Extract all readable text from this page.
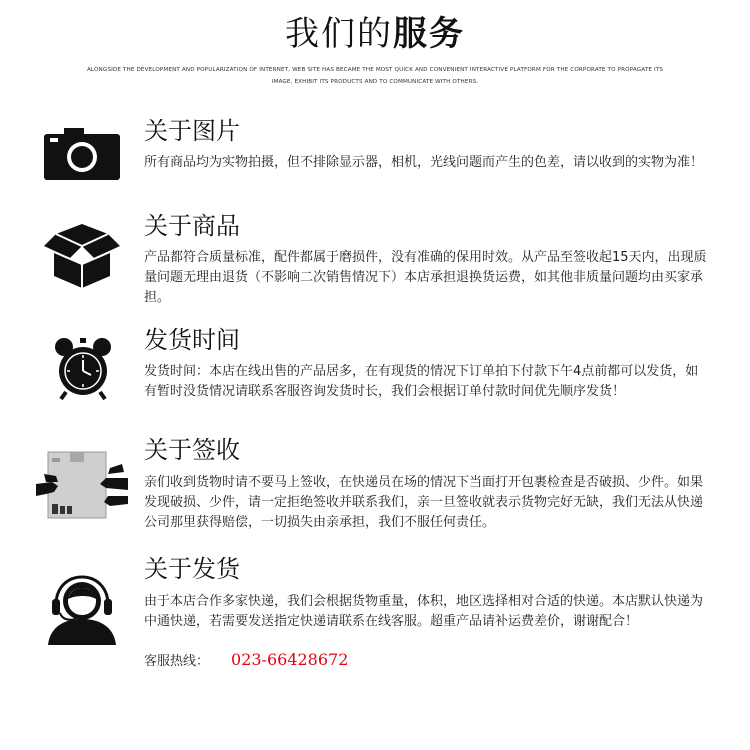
我们的服务
ALONGSIDE THE DEVELOPMENT AND POPULARIZATION OF INTERNET, WEB SITE HAS BECAME THE MOST QUICK AND CONVENIENT INTERACTIVE PLATFORM FOR THE CORPORATE TO PROPAGATE ITS
IMAGE, EXHIBIT ITS PRODUCTS AND TO COMMUNICATE WITH OTHERS.
关于图片
所有商品均为实物拍摄，但不排除显示器，相机，光线问题而产生的色差，请以收到的实物为准！
关于商品
产品都符合质量标准，配件都属于磨损件，没有准确的保用时效。从产品至签收起15天内，出现质量问题无理由退货（不影响二次销售情况下）本店承担退换货运费，如其他非质量问题均由买家承担。
发货时间
发货时间：本店在线出售的产品居多，在有现货的情况下订单拍下付款下午4点前都可以发货，如有暂时没货情况请联系客服咨询发货时长，我们会根据订单付款时间优先顺序发货！
关于签收
亲们收到货物时请不要马上签收，在快递员在场的情况下当面打开包裹检查是否破损、少件。如果发现破损、少件，请一定拒绝签收并联系我们，亲一旦签收就表示货物完好无缺，我们无法从快递公司那里获得赔偿，一切损失由亲承担，我们不服任何责任。
关于发货
由于本店合作多家快递，我们会根据货物重量，体积，地区选择相对合适的快递。本店默认快递为中通快递，若需要发送指定快递请联系在线客服。超重产品请补运费差价，谢谢配合！
客服热线： 023-66428672
